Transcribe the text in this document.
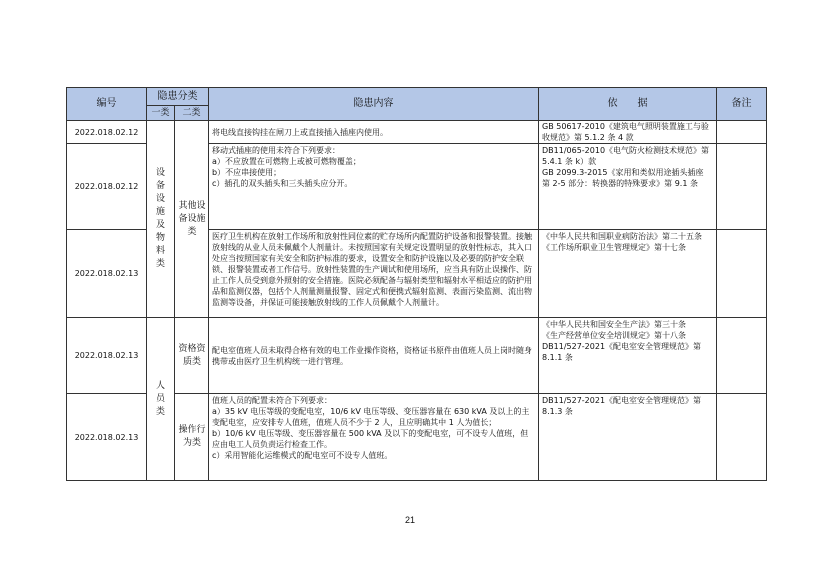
编号	隐患分类		隐患内容	依　　据	备注
	一类	二类			
2022.018.02.12	设备设施及物料类	其他设备设施类	将电线直接钩挂在闸刀上或直接插入插座内使用。	GB 50617-2010《建筑电气照明装置施工与验收规范》第 5.1.2 条 4 款	

2022.018.02.12			移动式插座的使用未符合下列要求：
a）不应放置在可燃物上或被可燃物覆盖；
b）不应串接使用；
c）插孔的双头插头和三头插头应分开。	DB11/065-2010《电气防火检测技术规范》第 5.4.1 条 k）款
GB 2099.3-2015《家用和类似用途插头插座 第 2-5 部分：转换器的特殊要求》第 9.1 条	

2022.018.02.13			医疗卫生机构在放射工作场所和放射性同位素的贮存场所内配置防护设备和报警装置。接触放射线的从业人员未佩戴个人剂量计。未按照国家有关规定设置明显的放射性标志，其入口处应当按照国家有关安全和防护标准的要求，设置安全和防护设施以及必要的防护安全联锁、报警装置或者工作信号。放射性装置的生产调试和使用场所，应当具有防止误操作、防止工作人员受到意外照射的安全措施。医院必须配备与辐射类型和辐射水平相适应的防护用品和监测仪器，包括个人剂量测量报警、固定式和便携式辐射监测、表面污染监测、流出物监测等设备，并保证可能接触放射线的工作人员佩戴个人剂量计。	《中华人民共和国职业病防治法》第二十五条
《工作场所职业卫生管理规定》第十七条	

2022.018.02.13	人员类	资格资质类	配电室值班人员未取得合格有效的电工作业操作资格，资格证书原件由值班人员上岗时随身携带或由医疗卫生机构统一进行管理。	《中华人民共和国安全生产法》第三十条
《生产经营单位安全培训规定》第十八条
DB11/527-2021《配电室安全管理规范》第 8.1.1 条	

2022.018.02.13		操作行为类	值班人员的配置未符合下列要求：
a）35 kV 电压等级的变配电室，10/6 kV 电压等级、变压器容量在 630 kVA 及以上的主变配电室，应安排专人值班，值班人员不少于 2 人，且应明确其中 1 人为值长；
b）10/6 kV 电压等级、变压器容量在 500 kVA 及以下的变配电室，可不设专人值班，但应由电工人员负责运行检查工作。
c）采用智能化运维模式的配电室可不设专人值班。	DB11/527-2021《配电室安全管理规范》第 8.1.3 条	

21
